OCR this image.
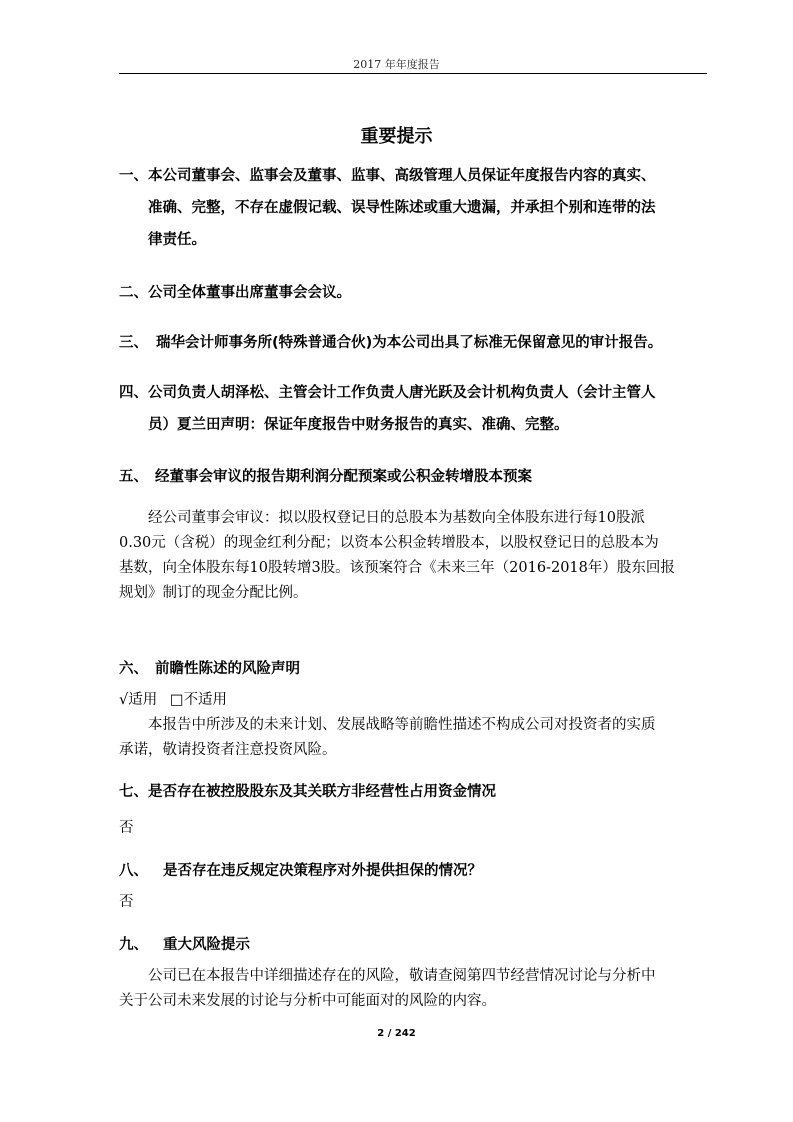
2017 年年度报告
重要提示
一、本公司董事会、监事会及董事、监事、高级管理人员保证年度报告内容的真实、
准确、完整，不存在虚假记载、误导性陈述或重大遗漏，并承担个别和连带的法
律责任。
二、公司全体董事出席董事会会议。
三、 瑞华会计师事务所(特殊普通合伙)为本公司出具了标准无保留意见的审计报告。
四、公司负责人胡泽松、主管会计工作负责人唐光跃及会计机构负责人（会计主管人
员）夏兰田声明：保证年度报告中财务报告的真实、准确、完整。
五、 经董事会审议的报告期利润分配预案或公积金转增股本预案
经公司董事会审议：拟以股权登记日的总股本为基数向全体股东进行每10股派
0.30元（含税）的现金红利分配；以资本公积金转增股本，以股权登记日的总股本为
基数，向全体股东每10股转增3股。该预案符合《未来三年（2016-2018年）股东回报
规划》制订的现金分配比例。
六、 前瞻性陈述的风险声明
√适用 □不适用
本报告中所涉及的未来计划、发展战略等前瞻性描述不构成公司对投资者的实质
承诺，敬请投资者注意投资风险。
七、是否存在被控股股东及其关联方非经营性占用资金情况
否
八、 是否存在违反规定决策程序对外提供担保的情况？
否
九、 重大风险提示
公司已在本报告中详细描述存在的风险，敬请查阅第四节经营情况讨论与分析中
关于公司未来发展的讨论与分析中可能面对的风险的内容。
2 / 242
